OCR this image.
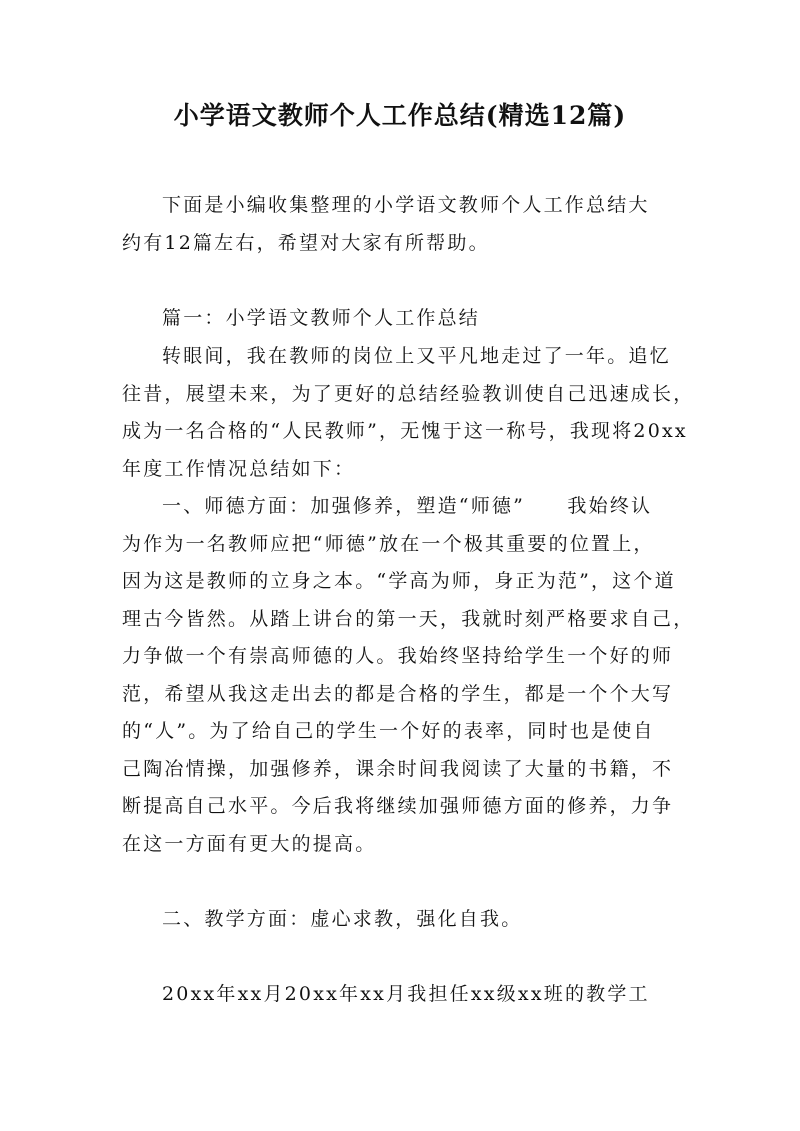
小学语文教师个人工作总结(精选12篇)
下面是小编收集整理的小学语文教师个人工作总结大
约有12篇左右，希望对大家有所帮助。
篇一：小学语文教师个人工作总结
转眼间，我在教师的岗位上又平凡地走过了一年。追忆
往昔，展望未来，为了更好的总结经验教训使自己迅速成长，
成为一名合格的“人民教师”，无愧于这一称号，我现将20xx
年度工作情况总结如下：
一、师德方面：加强修养，塑造“师德”　　我始终认
为作为一名教师应把“师德”放在一个极其重要的位置上，
因为这是教师的立身之本。“学高为师，身正为范”，这个道
理古今皆然。从踏上讲台的第一天，我就时刻严格要求自己，
力争做一个有崇高师德的人。我始终坚持给学生一个好的师
范，希望从我这走出去的都是合格的学生，都是一个个大写
的“人”。为了给自己的学生一个好的表率，同时也是使自
己陶冶情操，加强修养，课余时间我阅读了大量的书籍，不
断提高自己水平。今后我将继续加强师德方面的修养，力争
在这一方面有更大的提高。
二、教学方面：虚心求教，强化自我。
20xx年xx月20xx年xx月我担任xx级xx班的教学工
